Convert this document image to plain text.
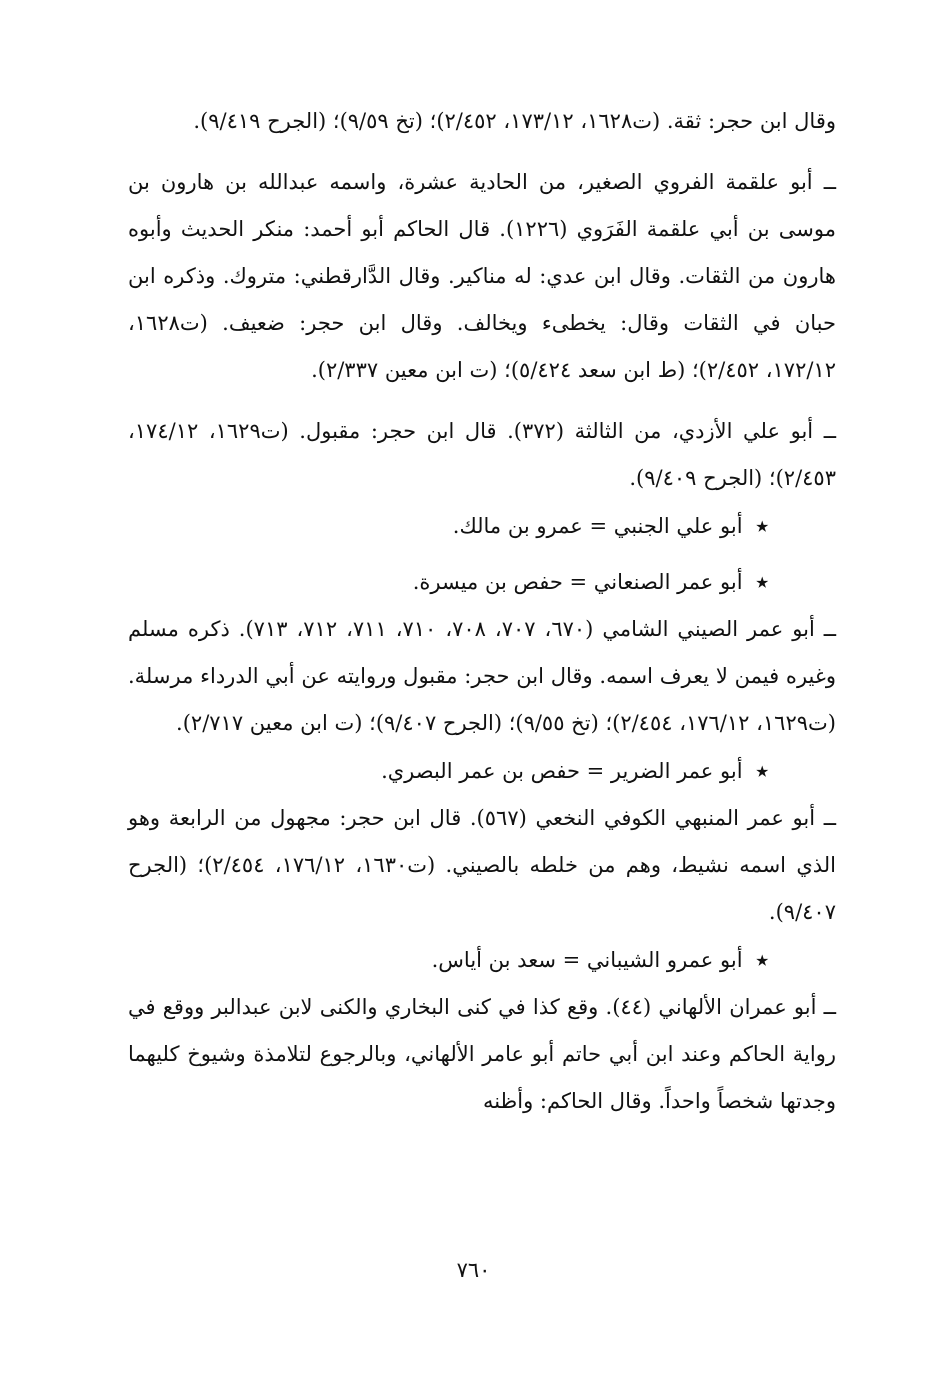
وقال ابن حجر: ثقة. (ت١٦٢٨، ١٧٣/١٢، ٢/٤٥٢)؛ (تخ ٩/٥٩)؛ (الجرح ٩/٤١٩).

ــ أبو علقمة الفروي الصغير، من الحادية عشرة، واسمه عبدالله بن هارون بن موسى بن أبي علقمة الفَرَوي (١٢٢٦). قال الحاكم أبو أحمد: منكر الحديث وأبوه هارون من الثقات. وقال ابن عدي: له مناكير. وقال الدَّارقطني: متروك. وذكره ابن حبان في الثقات وقال: يخطىء ويخالف. وقال ابن حجر: ضعيف. (ت١٦٢٨، ١٧٢/١٢، ٢/٤٥٢)؛ (ط ابن سعد ٥/٤٢٤)؛ (ت ابن معين ٢/٣٣٧).

ــ أبو علي الأزدي، من الثالثة (٣٧٢). قال ابن حجر: مقبول. (ت١٦٢٩، ١٧٤/١٢، ٢/٤٥٣)؛ (الجرح ٩/٤٠٩).

٭أبو علي الجنبي = عمرو بن مالك.

٭أبو عمر الصنعاني = حفص بن ميسرة.

ــ أبو عمر الصيني الشامي (٦٧٠، ٧٠٧، ٧٠٨، ٧١٠، ٧١١، ٧١٢، ٧١٣). ذكره مسلم وغيره فيمن لا يعرف اسمه. وقال ابن حجر: مقبول وروايته عن أبي الدرداء مرسلة. (ت١٦٢٩، ١٧٦/١٢، ٢/٤٥٤)؛ (تخ ٩/٥٥)؛ (الجرح ٩/٤٠٧)؛ (ت ابن معين ٢/٧١٧).

٭أبو عمر الضرير = حفص بن عمر البصري.

ــ أبو عمر المنبهي الكوفي النخعي (٥٦٧). قال ابن حجر: مجهول من الرابعة وهو الذي اسمه نشيط، وهم من خلطه بالصيني. (ت١٦٣٠، ١٧٦/١٢، ٢/٤٥٤)؛ (الجرح ٩/٤٠٧).

٭أبو عمرو الشيباني = سعد بن أياس.

ــ أبو عمران الألهاني (٤٤). وقع كذا في كنى البخاري والكنى لابن عبدالبر ووقع في رواية الحاكم وعند ابن أبي حاتم أبو عامر الألهاني، وبالرجوع لتلامذة وشيوخ كليهما وجدتها شخصاً واحداً. وقال الحاكم: وأظنه

٧٦٠
